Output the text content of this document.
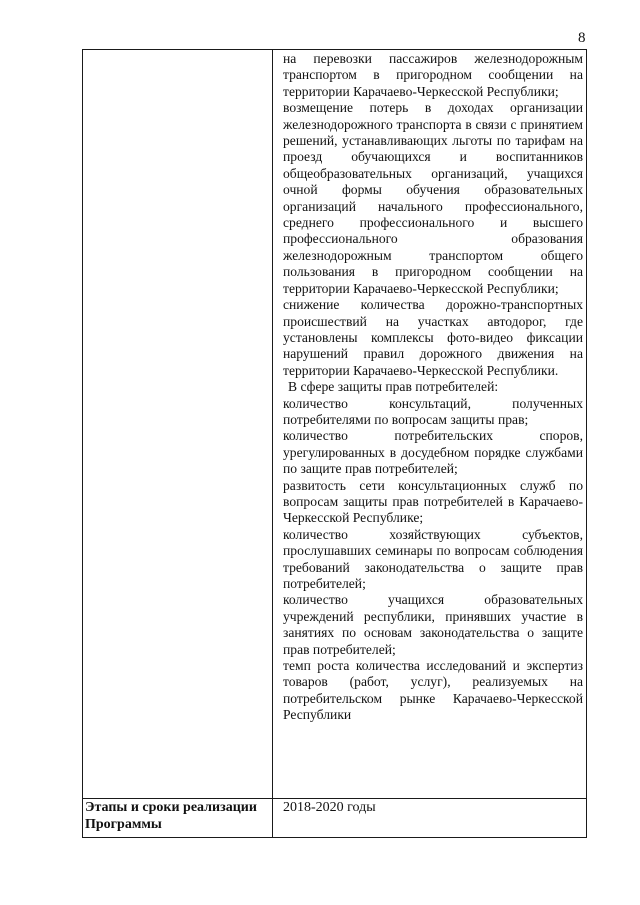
8

на перевозки пассажиров железнодорожным транспортом в пригородном сообщении на территории Карачаево-Черкесской Республики;

возмещение потерь в доходах организации железнодорожного транспорта в связи с принятием решений, устанавливающих льготы по тарифам на проезд обучающихся и воспитанников общеобразовательных организаций, учащихся очной формы обучения образовательных организаций начального профессионального, среднего профессионального и высшего профессионального образования железнодорожным транспортом общего пользования в пригородном сообщении на территории Карачаево-Черкесской Республики;

снижение количества дорожно-транспортных происшествий на участках автодорог, где установлены комплексы фото-видео фиксации нарушений правил дорожного движения на территории Карачаево-Черкесской Республики.

В сфере защиты прав потребителей:

количество консультаций, полученных потребителями по вопросам защиты прав;

количество потребительских споров, урегулированных в досудебном порядке службами по защите прав потребителей;

развитость сети консультационных служб по вопросам защиты прав потребителей в Карачаево-Черкесской Республике;

количество хозяйствующих субъектов, прослушавших семинары по вопросам соблюдения требований законодательства о защите прав потребителей;

количество учащихся образовательных учреждений республики, принявших участие в занятиях по основам законодательства о защите прав потребителей;

темп роста количества исследований и экспертиз товаров (работ, услуг), реализуемых на потребительском рынке Карачаево-Черкесской Республики

Этапы и сроки реализации Программы
2018-2020 годы
